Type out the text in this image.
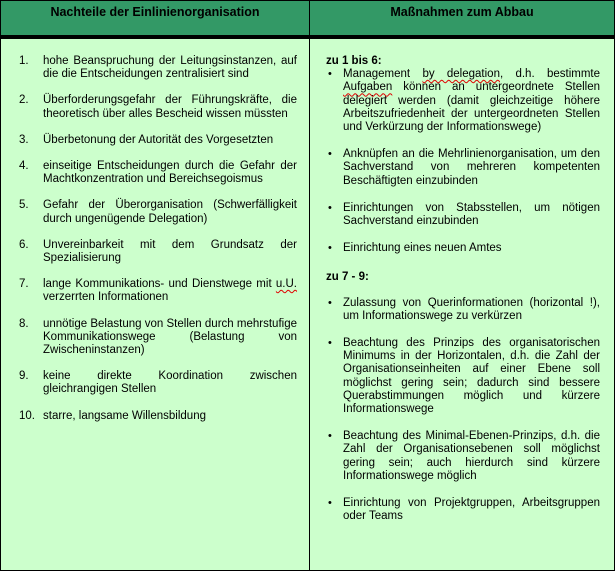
Nachteile der Einlinienorganisation
1. hohe Beanspruchung der Leitungsinstanzen, auf die die Entscheidungen zentralisiert sind
2. Überforderungsgefahr der Führungskräfte, die theoretisch über alles Bescheid wissen müssten
3. Überbetonung der Autorität des Vorgesetzten
4. einseitige Entscheidungen durch die Gefahr der Machtkonzentration und Bereichsegoismus
5. Gefahr der Überorganisation (Schwerfälligkeit durch ungenügende Delegation)
6. Unvereinbarkeit mit dem Grundsatz der Spezialisierung
7. lange Kommunikations- und Dienstwege mit u.U. verzerrten Informationen
8. unnötige Belastung von Stellen durch mehrstufige Kommunikationswege (Belastung von Zwischeninstanzen)
9. keine direkte Koordination zwischen gleichrangigen Stellen
10. starre, langsame Willensbildung
Maßnahmen zum Abbau
zu 1 bis 6:
• Management by delegation, d.h. bestimmte Aufgaben können an untergeordnete Stellen delegiert werden (damit gleichzeitige höhere Arbeitszufriedenheit der untergeordneten Stellen und Verkürzung der Informationswege)
• Anknüpfen an die Mehrlinienorganisation, um den Sachverstand von mehreren kompetenten Beschäftigten einzubinden
• Einrichtungen von Stabsstellen, um nötigen Sachverstand einzubinden
• Einrichtung eines neuen Amtes
zu 7 - 9:
• Zulassung von Querinformationen (horizontal !), um Informationswege zu verkürzen
• Beachtung des Prinzips des organisatorischen Minimums in der Horizontalen, d.h. die Zahl der Organisationseinheiten auf einer Ebene soll möglichst gering sein; dadurch sind bessere Querabstimmungen möglich und kürzere Informationswege
• Beachtung des Minimal-Ebenen-Prinzips, d.h. die Zahl der Organisationsebenen soll möglichst gering sein; auch hierdurch sind kürzere Informationswege möglich
• Einrichtung von Projektgruppen, Arbeitsgruppen oder Teams
